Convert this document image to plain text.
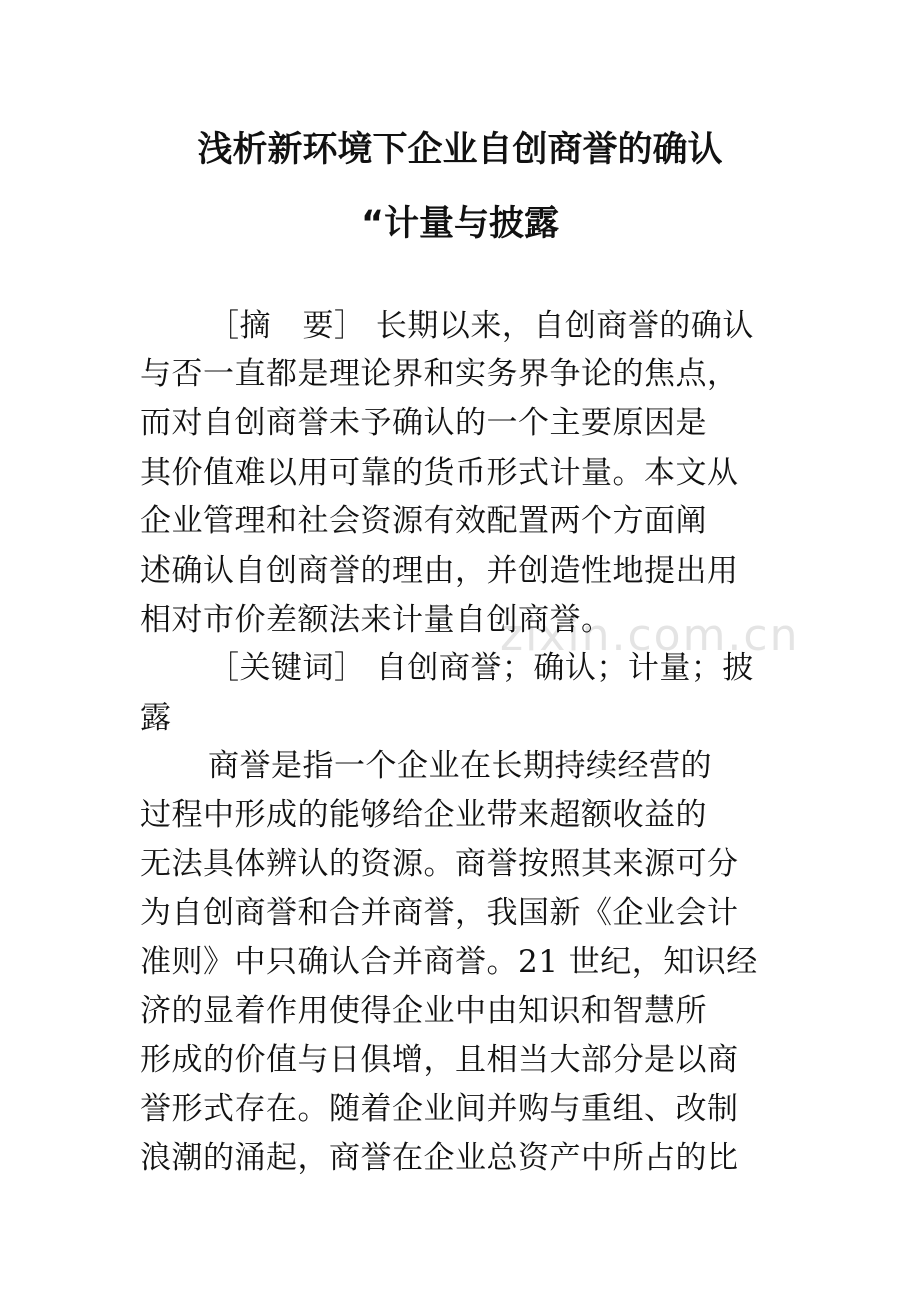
浅析新环境下企业自创商誉的确认
“计量与披露
zixin.com.cn
［摘　要］ 长期以来，自创商誉的确认
与否一直都是理论界和实务界争论的焦点，
而对自创商誉未予确认的一个主要原因是
其价值难以用可靠的货币形式计量。本文从
企业管理和社会资源有效配置两个方面阐
述确认自创商誉的理由，并创造性地提出用
相对市价差额法来计量自创商誉。
［关键词］ 自创商誉；确认；计量；披
露
商誉是指一个企业在长期持续经营的
过程中形成的能够给企业带来超额收益的
无法具体辨认的资源。商誉按照其来源可分
为自创商誉和合并商誉，我国新《企业会计
准则》中只确认合并商誉。21 世纪，知识经
济的显着作用使得企业中由知识和智慧所
形成的价值与日俱增，且相当大部分是以商
誉形式存在。随着企业间并购与重组、改制
浪潮的涌起，商誉在企业总资产中所占的比
